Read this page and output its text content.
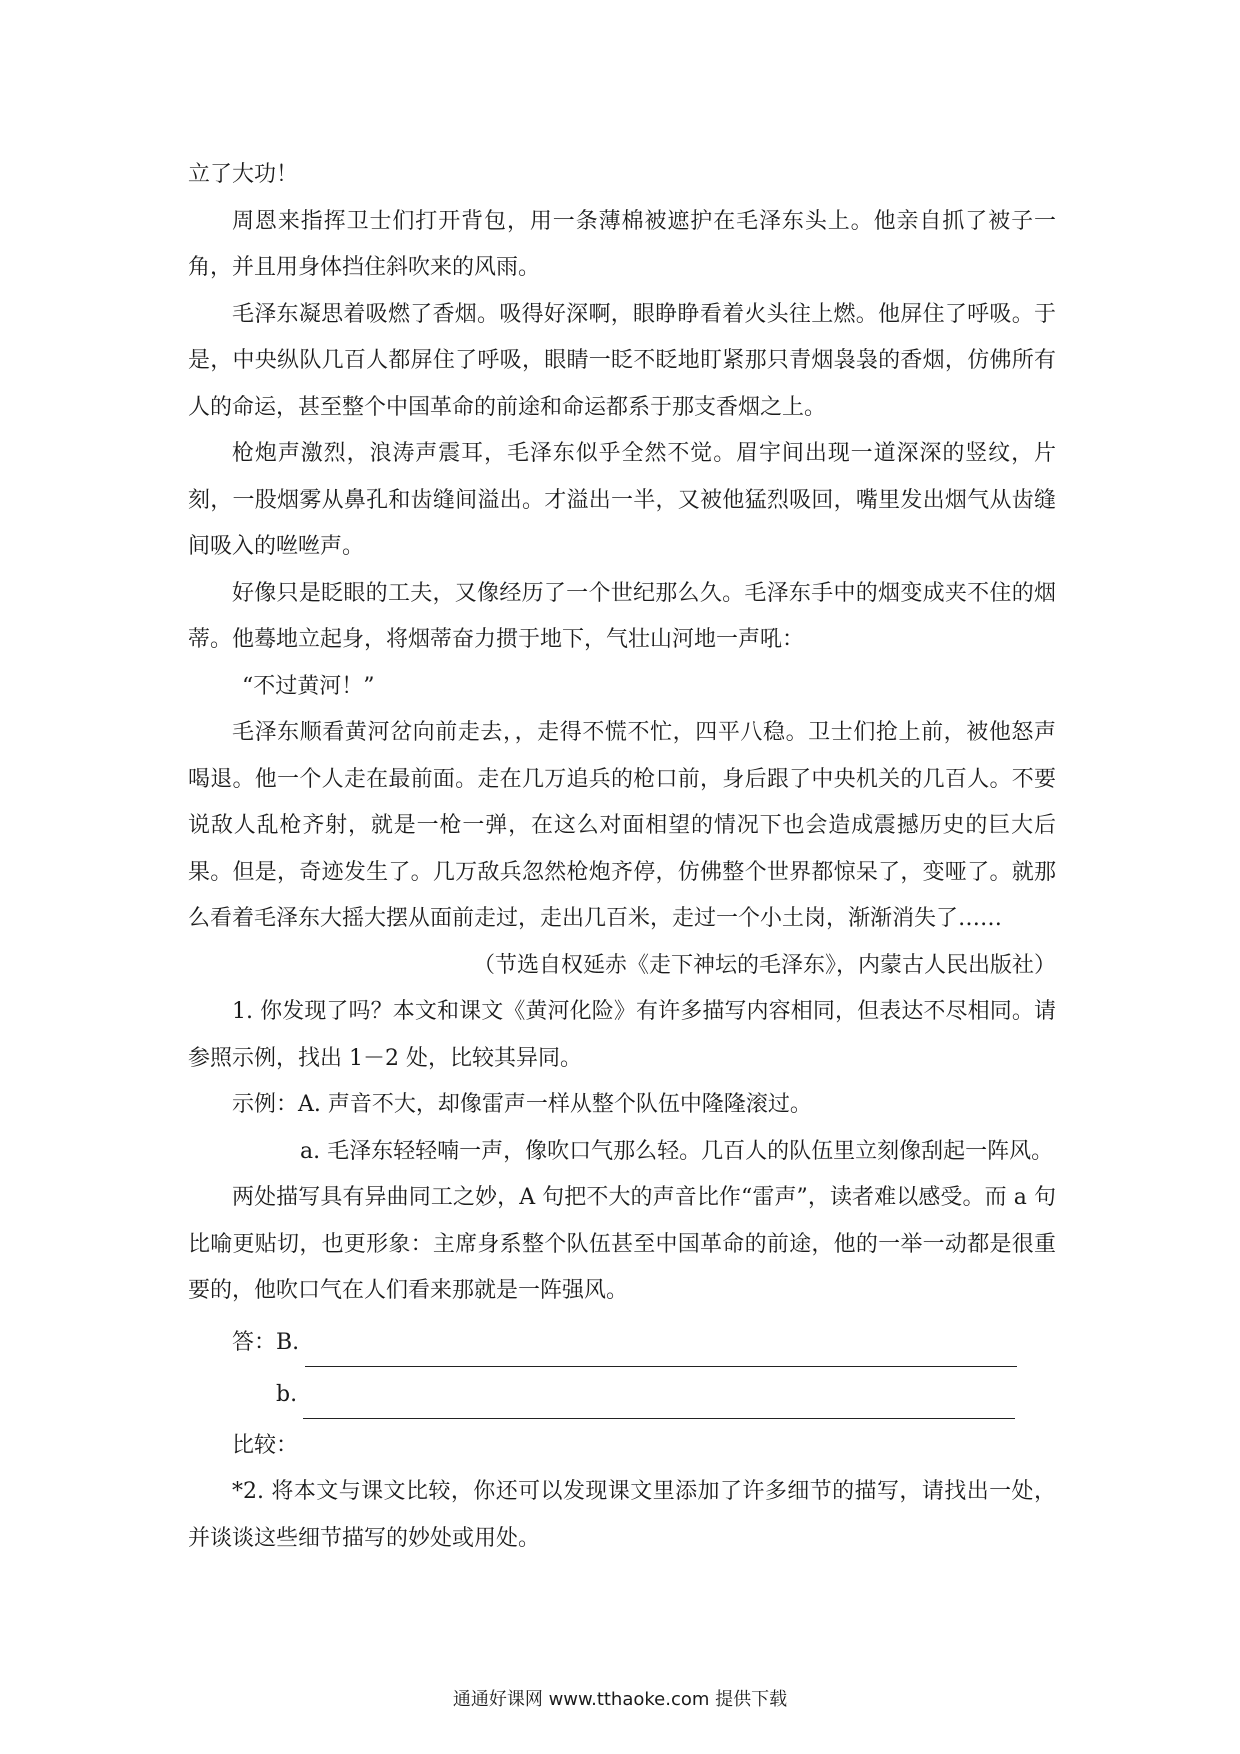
立了大功！

周恩来指挥卫士们打开背包，用一条薄棉被遮护在毛泽东头上。他亲自抓了被子一角，并且用身体挡住斜吹来的风雨。

毛泽东凝思着吸燃了香烟。吸得好深啊，眼睁睁看着火头往上燃。他屏住了呼吸。于是，中央纵队几百人都屏住了呼吸，眼睛一眨不眨地盯紧那只青烟袅袅的香烟，仿佛所有人的命运，甚至整个中国革命的前途和命运都系于那支香烟之上。

枪炮声激烈，浪涛声震耳，毛泽东似乎全然不觉。眉宇间出现一道深深的竖纹，片刻，一股烟雾从鼻孔和齿缝间溢出。才溢出一半，又被他猛烈吸回，嘴里发出烟气从齿缝间吸入的咝咝声。

好像只是眨眼的工夫，又像经历了一个世纪那么久。毛泽东手中的烟变成夹不住的烟蒂。他蓦地立起身，将烟蒂奋力掼于地下，气壮山河地一声吼：

“不过黄河！”

毛泽东顺看黄河岔向前走去，，走得不慌不忙，四平八稳。卫士们抢上前，被他怒声喝退。他一个人走在最前面。走在几万追兵的枪口前，身后跟了中央机关的几百人。不要说敌人乱枪齐射，就是一枪一弹，在这么对面相望的情况下也会造成震撼历史的巨大后果。但是，奇迹发生了。几万敌兵忽然枪炮齐停，仿佛整个世界都惊呆了，变哑了。就那么看着毛泽东大摇大摆从面前走过，走出几百米，走过一个小土岗，渐渐消失了……

（节选自权延赤《走下神坛的毛泽东》，内蒙古人民出版社）

1. 你发现了吗？本文和课文《黄河化险》有许多描写内容相同，但表达不尽相同。请参照示例，找出 1－2 处，比较其异同。

示例：A. 声音不大，却像雷声一样从整个队伍中隆隆滚过。

a. 毛泽东轻轻喃一声，像吹口气那么轻。几百人的队伍里立刻像刮起一阵风。

两处描写具有异曲同工之妙，A 句把不大的声音比作“雷声”，读者难以感受。而 a 句比喻更贴切，也更形象：主席身系整个队伍甚至中国革命的前途，他的一举一动都是很重要的，他吹口气在人们看来那就是一阵强风。

答：B.
b.

比较：

*2. 将本文与课文比较，你还可以发现课文里添加了许多细节的描写，请找出一处，并谈谈这些细节描写的妙处或用处。

通通好课网 www.tthaoke.com 提供下载
